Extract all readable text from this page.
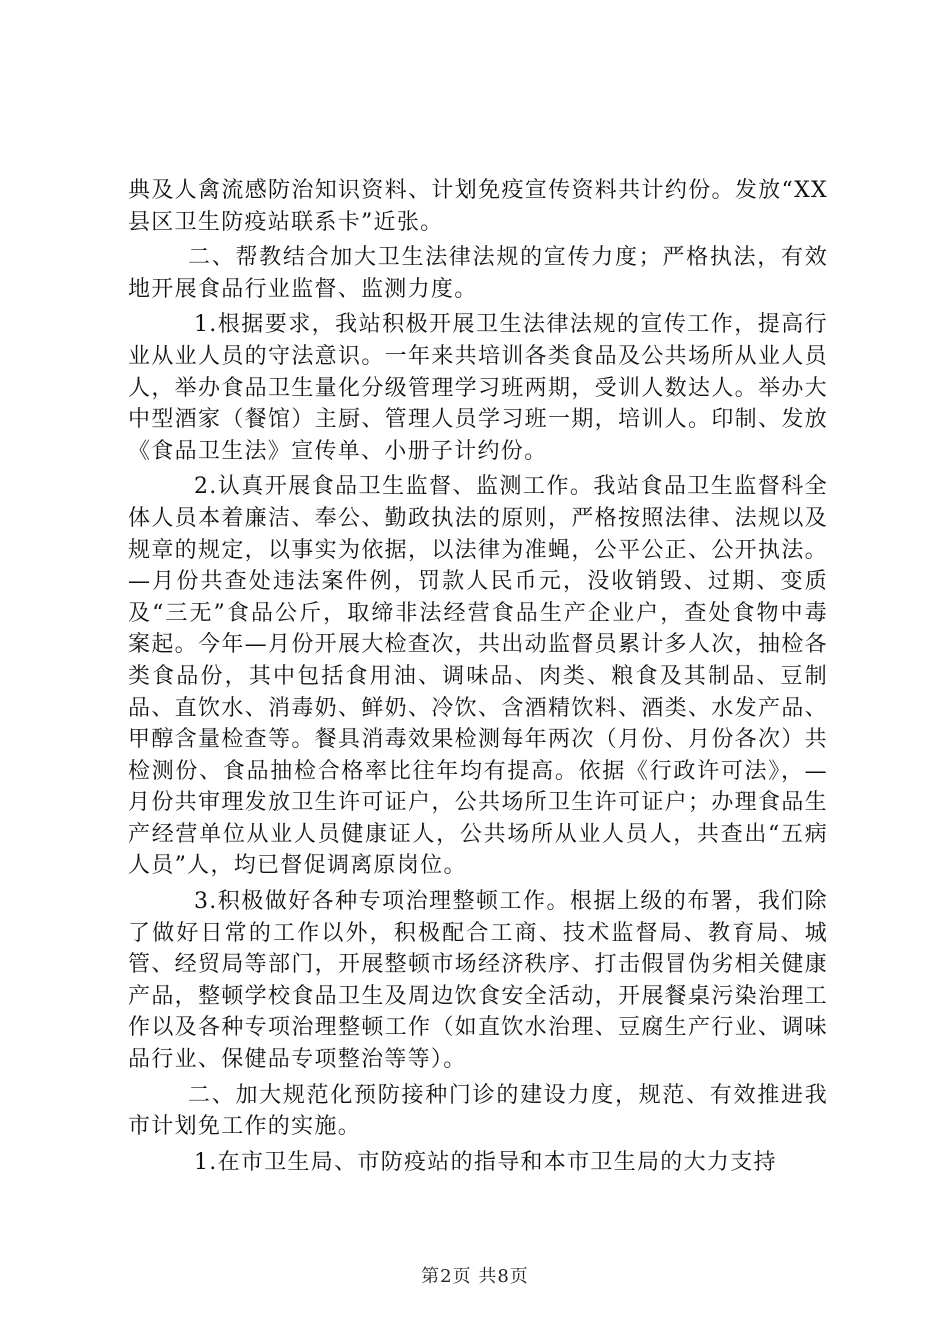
典及人禽流感防治知识资料、计划免疫宣传资料共计约份。发放“XX县区卫生防疫站联系卡”近张。

二、帮教结合加大卫生法律法规的宣传力度；严格执法，有效地开展食品行业监督、监测力度。

1.根据要求，我站积极开展卫生法律法规的宣传工作，提高行业从业人员的守法意识。一年来共培训各类食品及公共场所从业人员人，举办食品卫生量化分级管理学习班两期，受训人数达人。举办大中型酒家（餐馆）主厨、管理人员学习班一期，培训人。印制、发放《食品卫生法》宣传单、小册子计约份。

2.认真开展食品卫生监督、监测工作。我站食品卫生监督科全体人员本着廉洁、奉公、勤政执法的原则，严格按照法律、法规以及规章的规定，以事实为依据，以法律为准蝇，公平公正、公开执法。—月份共查处违法案件例，罚款人民币元，没收销毁、过期、变质及“三无”食品公斤，取缔非法经营食品生产企业户，查处食物中毒案起。今年—月份开展大检查次，共出动监督员累计多人次，抽检各类食品份，其中包括食用油、调味品、肉类、粮食及其制品、豆制品、直饮水、消毒奶、鲜奶、冷饮、含酒精饮料、酒类、水发产品、甲醇含量检查等。餐具消毒效果检测每年两次（月份、月份各次）共检测份、食品抽检合格率比往年均有提高。依据《行政许可法》，—月份共审理发放卫生许可证户，公共场所卫生许可证户；办理食品生产经营单位从业人员健康证人，公共场所从业人员人，共查出“五病人员”人，均已督促调离原岗位。

3.积极做好各种专项治理整顿工作。根据上级的布署，我们除了做好日常的工作以外，积极配合工商、技术监督局、教育局、城管、经贸局等部门，开展整顿市场经济秩序、打击假冒伪劣相关健康产品，整顿学校食品卫生及周边饮食安全活动，开展餐桌污染治理工作以及各种专项治理整顿工作（如直饮水治理、豆腐生产行业、调味品行业、保健品专项整治等等）。

二、加大规范化预防接种门诊的建设力度，规范、有效推进我市计划免工作的实施。

1.在市卫生局、市防疫站的指导和本市卫生局的大力支持

第2页 共8页
